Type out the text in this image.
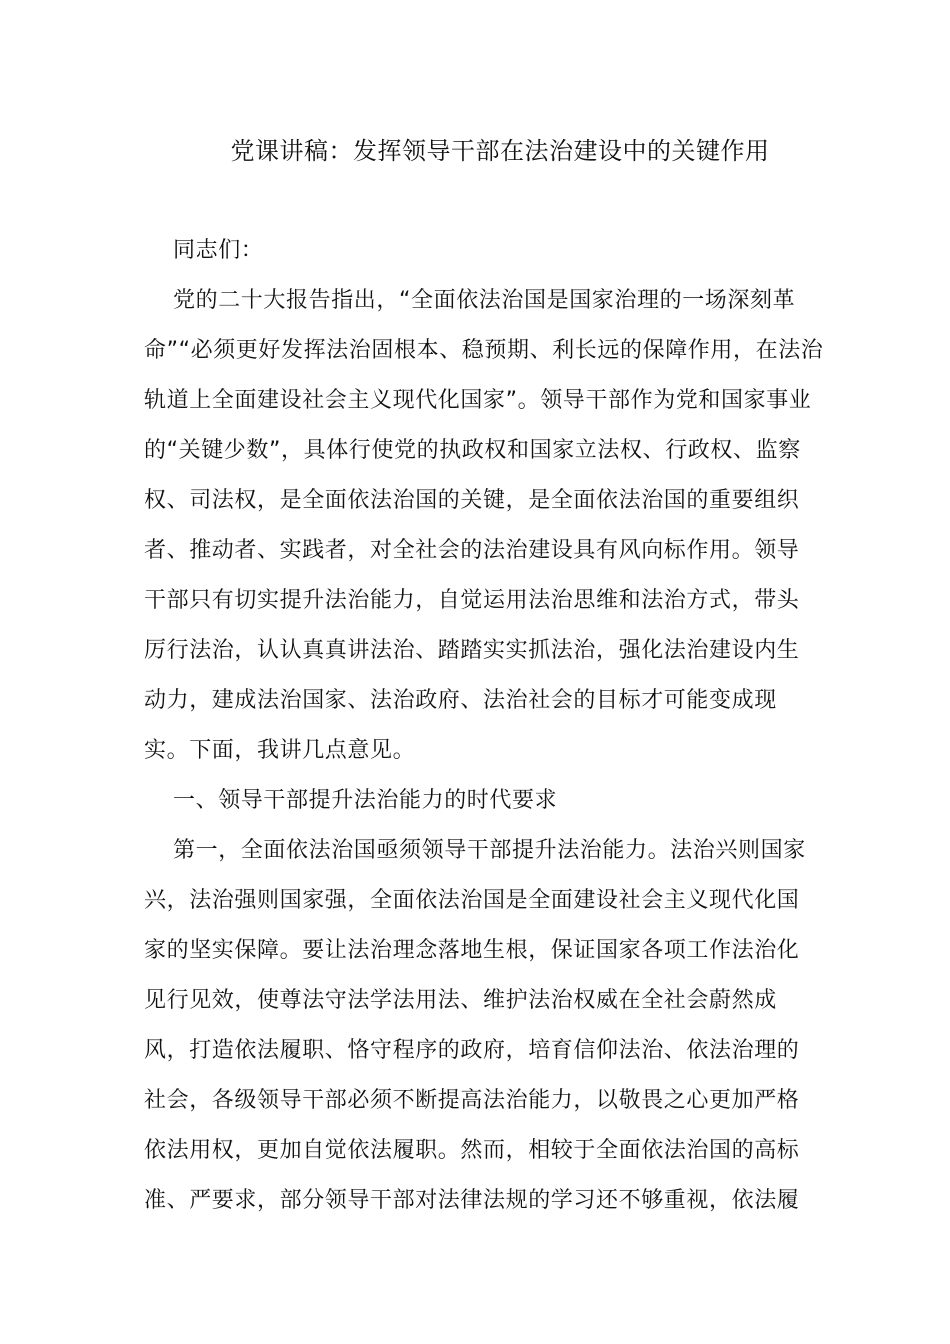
党课讲稿：发挥领导干部在法治建设中的关键作用
同志们：
党的二十大报告指出，“全面依法治国是国家治理的一场深刻革
命”“必须更好发挥法治固根本、稳预期、利长远的保障作用，在法治
轨道上全面建设社会主义现代化国家”。领导干部作为党和国家事业
的“关键少数”，具体行使党的执政权和国家立法权、行政权、监察
权、司法权，是全面依法治国的关键，是全面依法治国的重要组织
者、推动者、实践者，对全社会的法治建设具有风向标作用。领导
干部只有切实提升法治能力，自觉运用法治思维和法治方式，带头
厉行法治，认认真真讲法治、踏踏实实抓法治，强化法治建设内生
动力，建成法治国家、法治政府、法治社会的目标才可能变成现
实。下面，我讲几点意见。
一、领导干部提升法治能力的时代要求
第一，全面依法治国亟须领导干部提升法治能力。法治兴则国家
兴，法治强则国家强，全面依法治国是全面建设社会主义现代化国
家的坚实保障。要让法治理念落地生根，保证国家各项工作法治化
见行见效，使尊法守法学法用法、维护法治权威在全社会蔚然成
风，打造依法履职、恪守程序的政府，培育信仰法治、依法治理的
社会，各级领导干部必须不断提高法治能力，以敬畏之心更加严格
依法用权，更加自觉依法履职。然而，相较于全面依法治国的高标
准、严要求，部分领导干部对法律法规的学习还不够重视，依法履
